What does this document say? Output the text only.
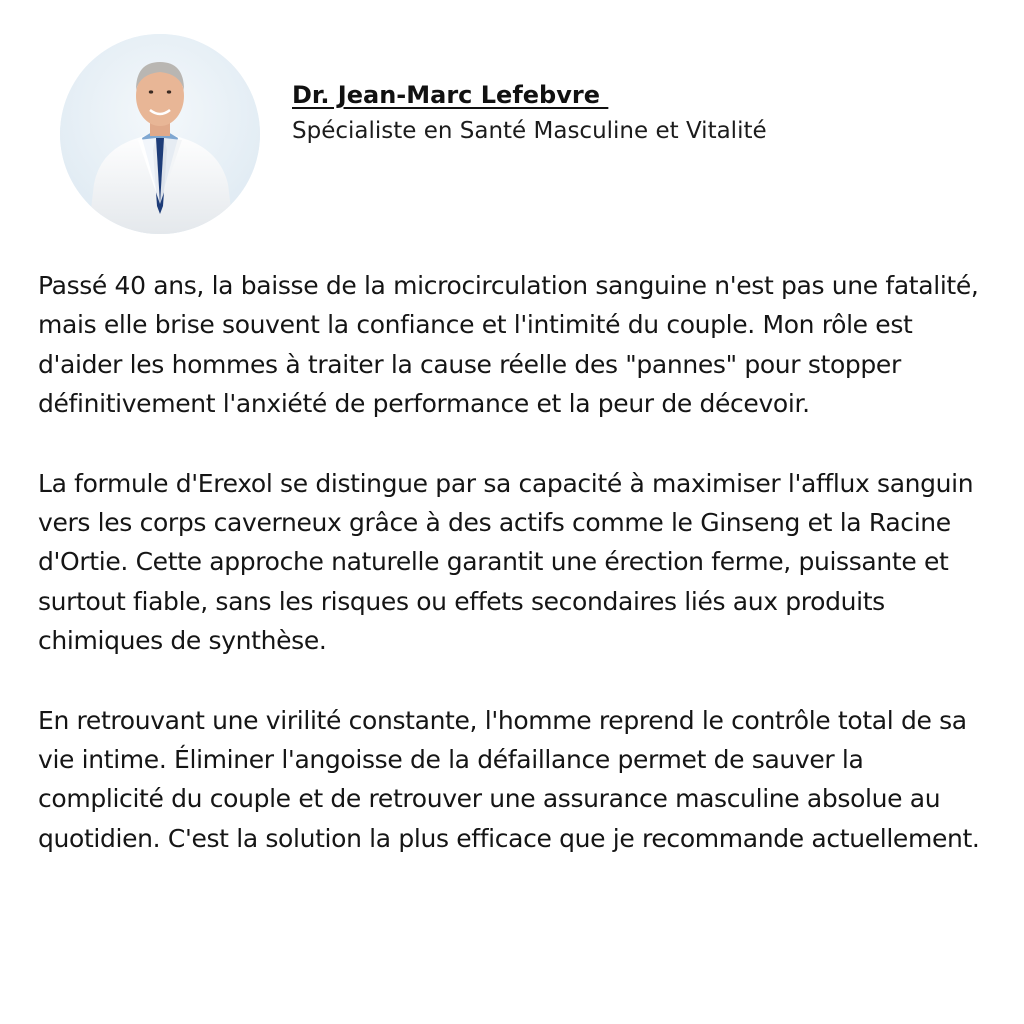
Dr. Jean-Marc Lefebvre
Spécialiste en Santé Masculine et Vitalité

Passé 40 ans, la baisse de la microcirculation sanguine n'est pas une fatalité, mais elle brise souvent la confiance et l'intimité du couple. Mon rôle est d'aider les hommes à traiter la cause réelle des "pannes" pour stopper définitivement l'anxiété de performance et la peur de décevoir.

La formule d'Erexol se distingue par sa capacité à maximiser l'afflux sanguin vers les corps caverneux grâce à des actifs comme le Ginseng et la Racine d'Ortie. Cette approche naturelle garantit une érection ferme, puissante et surtout fiable, sans les risques ou effets secondaires liés aux produits chimiques de synthèse.

En retrouvant une virilité constante, l'homme reprend le contrôle total de sa vie intime. Éliminer l'angoisse de la défaillance permet de sauver la complicité du couple et de retrouver une assurance masculine absolue au quotidien. C'est la solution la plus efficace que je recommande actuellement.
